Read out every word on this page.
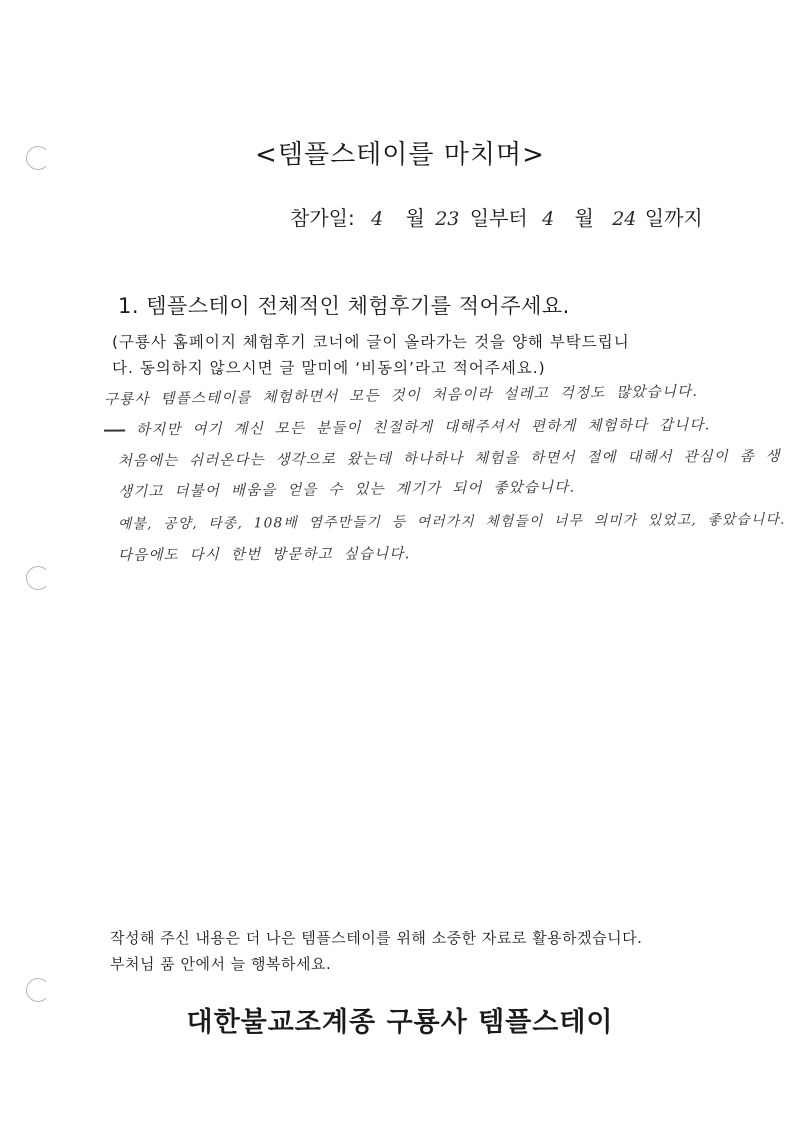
<템플스테이를 마치며>
참가일: 4 월 23 일부터 4 월 24 일까지
1. 템플스테이 전체적인 체험후기를 적어주세요.
(구룡사 홈페이지 체험후기 코너에 글이 올라가는 것을 양해 부탁드립니
다. 동의하지 않으시면 글 말미에 ‘비동의’라고 적어주세요.)
구룡사 템플스테이를 체험하면서 모든 것이 처음이라 설레고 걱정도 많았습니다.
​         하지만 여기 계신 모든 분들이 친절하게 대해주셔서 편하게 체험하다 갑니다.
처음에는 쉬러온다는 생각으로 왔는데 하나하나 체험을 하면서 절에 대해서 관심이 좀 생
생기고 더불어 배움을 얻을 수 있는 계기가 되어 좋았습니다.
예불, 공양, 타종, 108배 염주만들기 등 여러가지 체험들이 너무 의미가 있었고, 좋았습니다.
다음에도 다시 한번 방문하고 싶습니다.
작성해 주신 내용은 더 나은 템플스테이를 위해 소중한 자료로 활용하겠습니다.
부처님 품 안에서 늘 행복하세요.
대한불교조계종 구룡사 템플스테이
